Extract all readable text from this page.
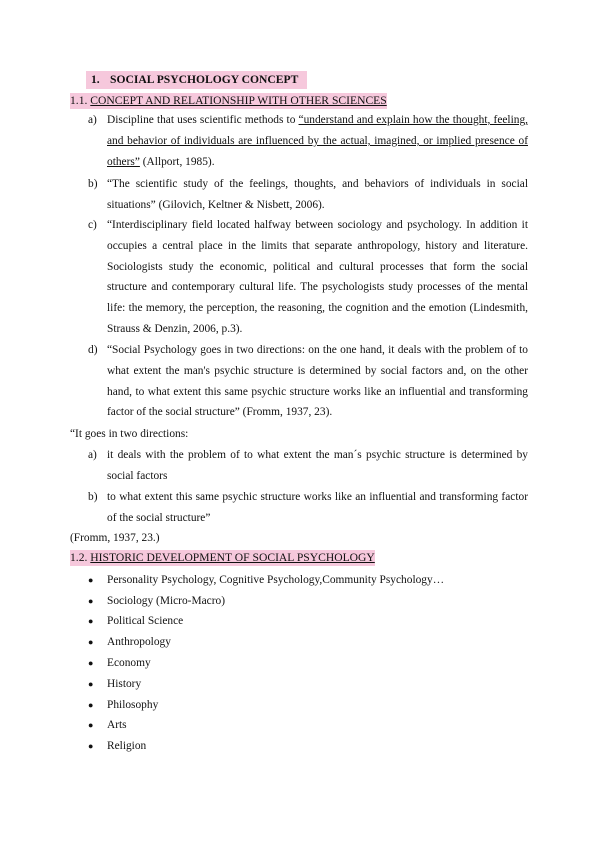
1. SOCIAL PSYCHOLOGY CONCEPT
1.1. CONCEPT AND RELATIONSHIP WITH OTHER SCIENCES
a) Discipline that uses scientific methods to “understand and explain how the thought, feeling, and behavior of individuals are influenced by the actual, imagined, or implied presence of others” (Allport, 1985).
b) “The scientific study of the feelings, thoughts, and behaviors of individuals in social situations” (Gilovich, Keltner & Nisbett, 2006).
c) “Interdisciplinary field located halfway between sociology and psychology. In addition it occupies a central place in the limits that separate anthropology, history and literature. Sociologists study the economic, political and cultural processes that form the social structure and contemporary cultural life. The psychologists study processes of the mental life: the memory, the perception, the reasoning, the cognition and the emotion (Lindesmith, Strauss & Denzin, 2006, p.3).
d) “Social Psychology goes in two directions: on the one hand, it deals with the problem of to what extent the man's psychic structure is determined by social factors and, on the other hand, to what extent this same psychic structure works like an influential and transforming factor of the social structure” (Fromm, 1937, 23).
“It goes in two directions:
a) it deals with the problem of to what extent the man´s psychic structure is determined by social factors
b) to what extent this same psychic structure works like an influential and transforming factor of the social structure”
(Fromm, 1937, 23.)
1.2. HISTORIC DEVELOPMENT OF SOCIAL PSYCHOLOGY
● Personality Psychology, Cognitive Psychology,Community Psychology…
● Sociology (Micro-Macro)
● Political Science
● Anthropology
● Economy
● History
● Philosophy
● Arts
● Religion
